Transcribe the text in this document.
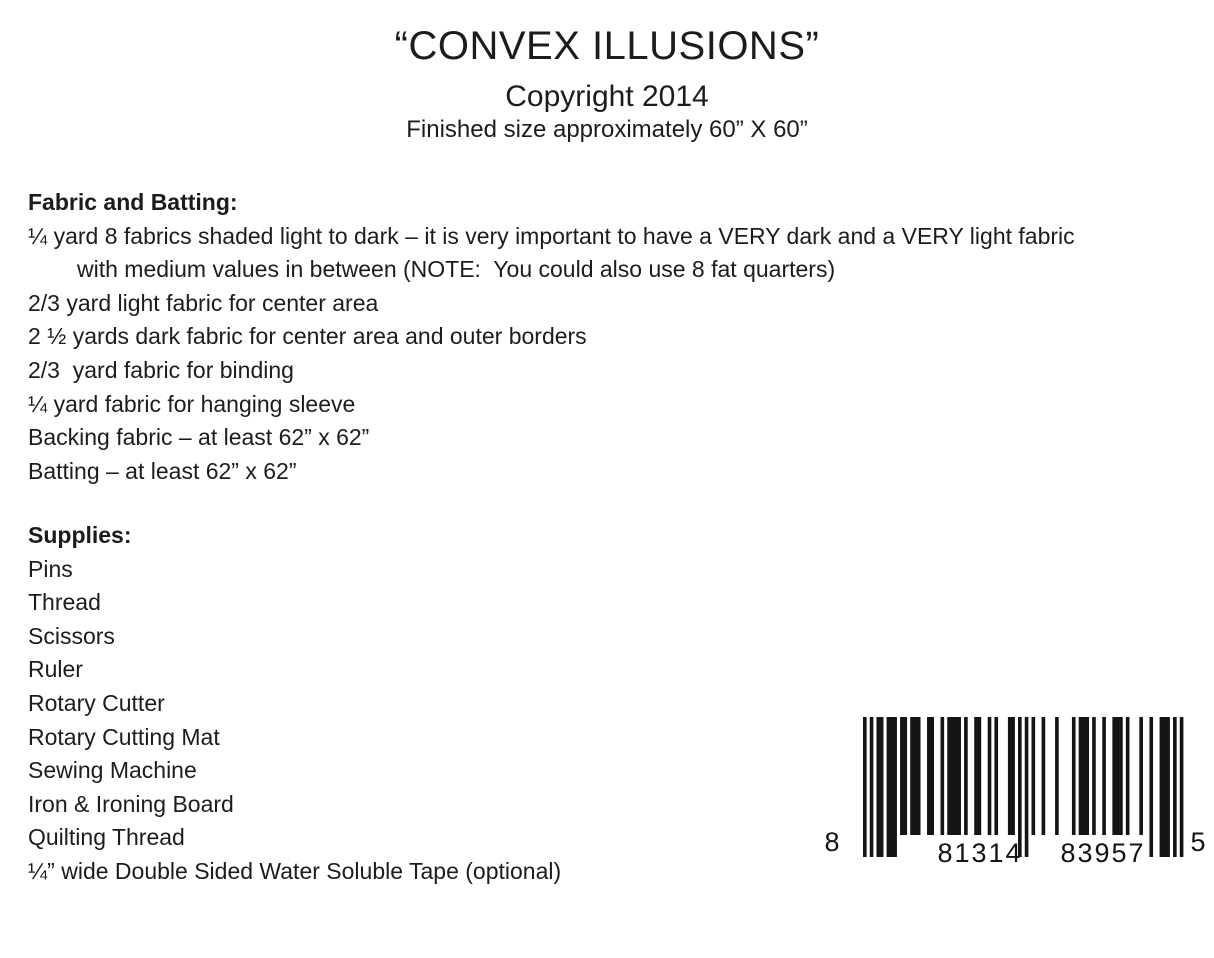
“CONVEX ILLUSIONS”
Copyright 2014
Finished size approximately 60” X 60”
Fabric and Batting:
¼ yard 8 fabrics shaded light to dark – it is very important to have a VERY dark and a VERY light fabric
with medium values in between (NOTE:  You could also use 8 fat quarters)
2/3 yard light fabric for center area
2 ½ yards dark fabric for center area and outer borders
2/3  yard fabric for binding
¼ yard fabric for hanging sleeve
Backing fabric – at least 62” x 62”
Batting – at least 62” x 62”
Supplies:
Pins
Thread
Scissors
Ruler
Rotary Cutter
Rotary Cutting Mat
Sewing Machine
Iron & Ironing Board
Quilting Thread
¼” wide Double Sided Water Soluble Tape (optional)
8	81314 83957 5
